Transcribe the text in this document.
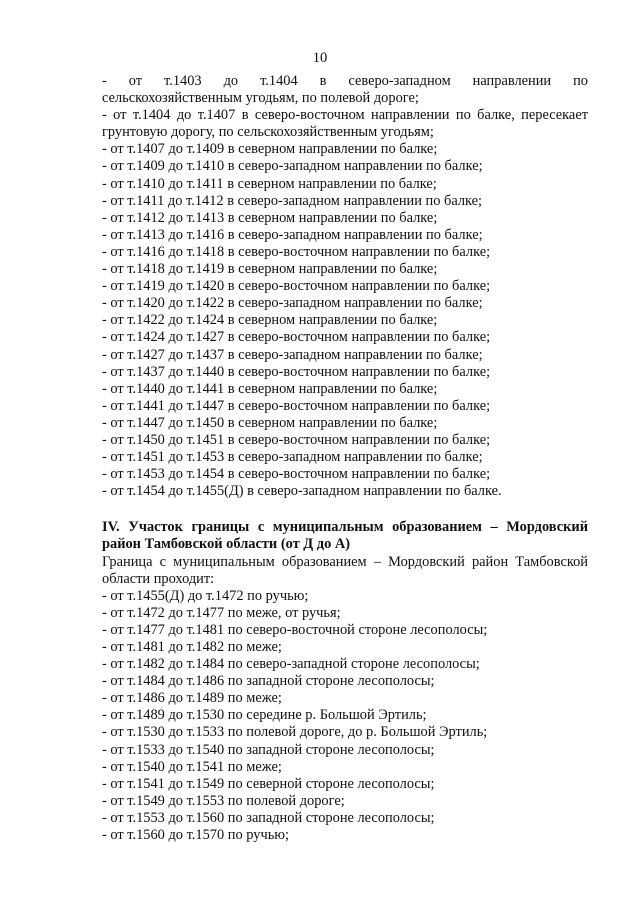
10
- от т.1403 до т.1404 в северо-западном направлении по
сельскохозяйственным угодьям, по полевой дороге;
- от т.1404 до т.1407 в северо-восточном направлении по балке, пересекает
грунтовую дорогу, по сельскохозяйственным угодьям;
- от т.1407 до т.1409 в северном направлении по балке;
- от т.1409 до т.1410 в северо-западном направлении по балке;
- от т.1410 до т.1411 в северном направлении по балке;
- от т.1411 до т.1412 в северо-западном направлении по балке;
- от т.1412 до т.1413 в северном направлении по балке;
- от т.1413 до т.1416 в северо-западном направлении по балке;
- от т.1416 до т.1418 в северо-восточном направлении по балке;
- от т.1418 до т.1419 в северном направлении по балке;
- от т.1419 до т.1420 в северо-восточном направлении по балке;
- от т.1420 до т.1422 в северо-западном направлении по балке;
- от т.1422 до т.1424 в северном направлении по балке;
- от т.1424 до т.1427 в северо-восточном направлении по балке;
- от т.1427 до т.1437 в северо-западном направлении по балке;
- от т.1437 до т.1440 в северо-восточном направлении по балке;
- от т.1440 до т.1441 в северном направлении по балке;
- от т.1441 до т.1447 в северо-восточном направлении по балке;
- от т.1447 до т.1450 в северном направлении по балке;
- от т.1450 до т.1451 в северо-восточном направлении по балке;
- от т.1451 до т.1453 в северо-западном направлении по балке;
- от т.1453 до т.1454 в северо-восточном направлении по балке;
- от т.1454 до т.1455(Д) в северо-западном направлении по балке.
IV. Участок границы с муниципальным образованием – Мордовский район Тамбовской области (от Д до А)
Граница с муниципальным образованием – Мордовский район Тамбовской области проходит:
- от т.1455(Д) до т.1472 по ручью;
- от т.1472 до т.1477 по меже, от ручья;
- от т.1477 до т.1481 по северо-восточной стороне лесополосы;
- от т.1481 до т.1482 по меже;
- от т.1482 до т.1484 по северо-западной стороне лесополосы;
- от т.1484 до т.1486 по западной стороне лесополосы;
- от т.1486 до т.1489 по меже;
- от т.1489 до т.1530 по середине р. Большой Эртиль;
- от т.1530 до т.1533 по полевой дороге, до р. Большой Эртиль;
- от т.1533 до т.1540 по западной стороне лесополосы;
- от т.1540 до т.1541 по меже;
- от т.1541 до т.1549 по северной стороне лесополосы;
- от т.1549 до т.1553 по полевой дороге;
- от т.1553 до т.1560 по западной стороне лесополосы;
- от т.1560 до т.1570 по ручью;
